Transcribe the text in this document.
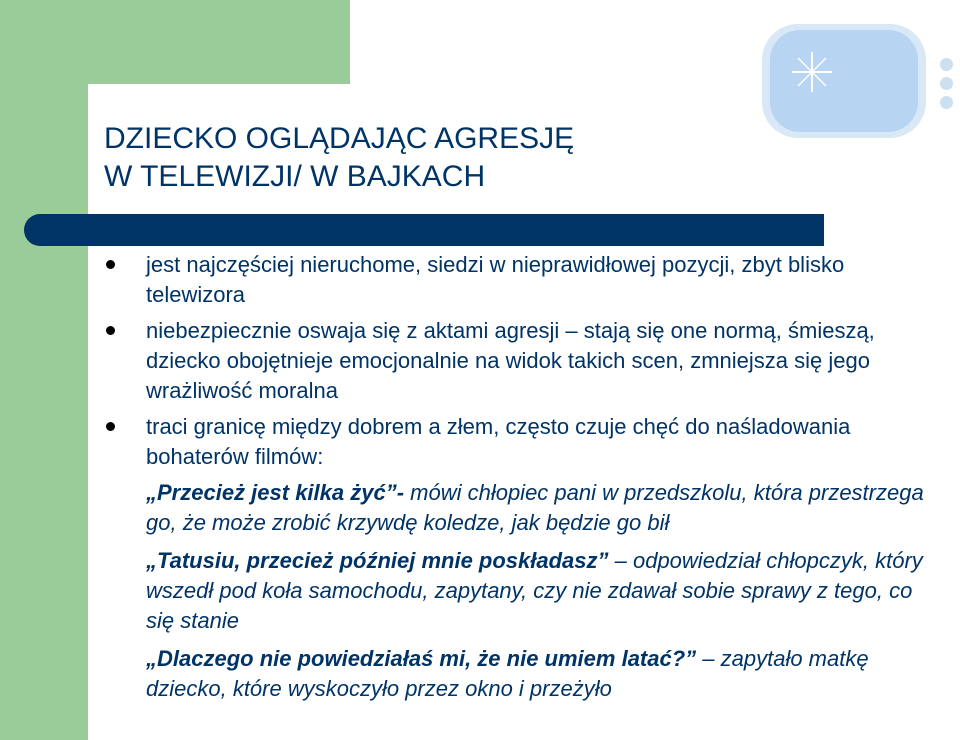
DZIECKO OGLĄDAJĄC AGRESJĘ
W TELEWIZJI/ W BAJKACH
jest najczęściej nieruchome, siedzi w nieprawidłowej pozycji, zbyt blisko telewizora
niebezpiecznie oswaja się z aktami agresji – stają się one normą, śmieszą, dziecko obojętnieje emocjonalnie na widok takich scen, zmniejsza się jego wrażliwość moralna
traci granicę między dobrem a złem, często czuje chęć do naśladowania bohaterów filmów:
„Przecież jest kilka żyć”- mówi chłopiec pani w przedszkolu, która przestrzega go, że może zrobić krzywdę koledze, jak będzie go bił
„Tatusiu, przecież później mnie poskładasz” – odpowiedział chłopczyk, który wszedł pod koła samochodu, zapytany, czy nie zdawał sobie sprawy z tego, co się stanie
„Dlaczego nie powiedziałaś mi, że nie umiem latać?” – zapytało matkę dziecko, które wyskoczyło przez okno i przeżyło
